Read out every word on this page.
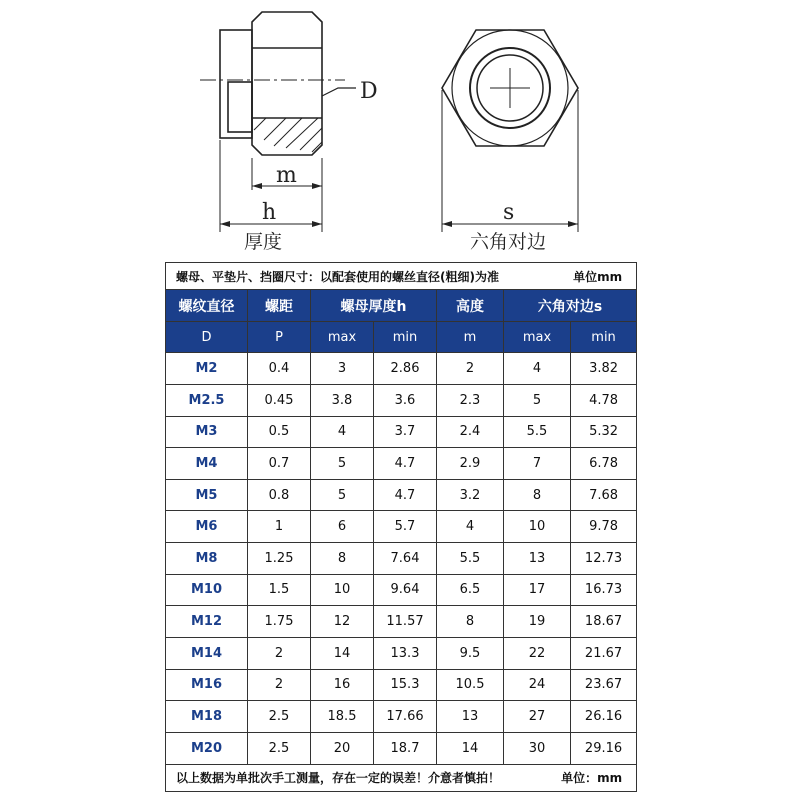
D
m
h
厚度
s
六角对边
螺母、平垫片、挡圈尺寸：以配套使用的螺丝直径(粗细)为准 单位mm						

螺纹直径	螺距	螺母厚度h		高度	六角对边s	
D	P	max	min	m	max	min
M2	0.4	3	2.86	2	4	3.82
M2.5	0.45	3.8	3.6	2.3	5	4.78
M3	0.5	4	3.7	2.4	5.5	5.32
M4	0.7	5	4.7	2.9	7	6.78
M5	0.8	5	4.7	3.2	8	7.68
M6	1	6	5.7	4	10	9.78
M8	1.25	8	7.64	5.5	13	12.73
M10	1.5	10	9.64	6.5	17	16.73
M12	1.75	12	11.57	8	19	18.67
M14	2	14	13.3	9.5	22	21.67
M16	2	16	15.3	10.5	24	23.67
M18	2.5	18.5	17.66	13	27	26.16
M20	2.5	20	18.7	14	30	29.16
以上数据为单批次手工测量，存在一定的误差！介意者慎拍！ 单位：mm						
